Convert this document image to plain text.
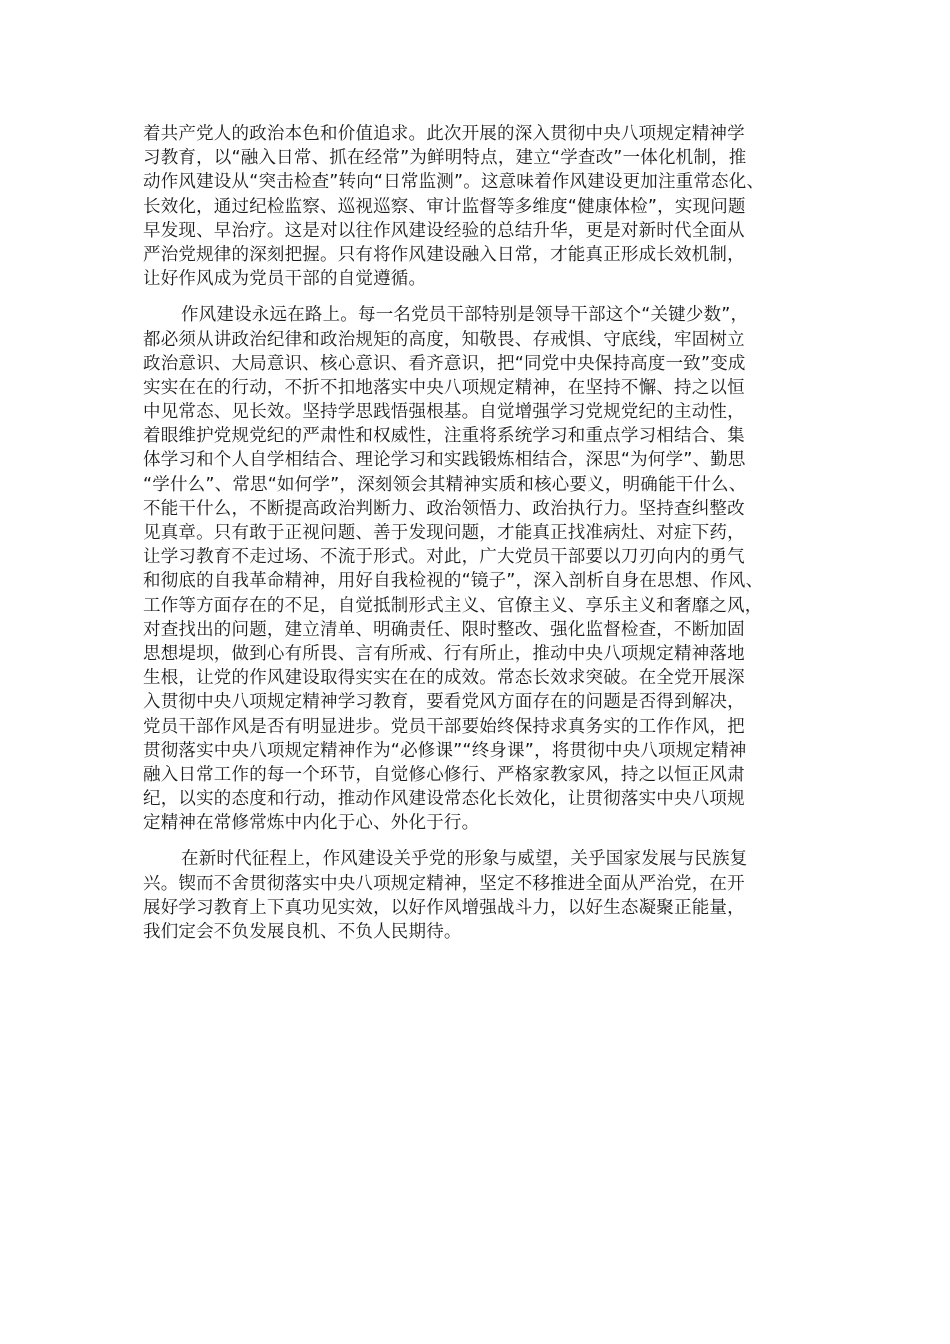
着共产党人的政治本色和价值追求。此次开展的深入贯彻中央八项规定精神学
习教育，以“融入日常、抓在经常”为鲜明特点，建立“学查改”一体化机制，推
动作风建设从“突击检查”转向“日常监测”。这意味着作风建设更加注重常态化、
长效化，通过纪检监察、巡视巡察、审计监督等多维度“健康体检”，实现问题
早发现、早治疗。这是对以往作风建设经验的总结升华，更是对新时代全面从
严治党规律的深刻把握。只有将作风建设融入日常，才能真正形成长效机制，
让好作风成为党员干部的自觉遵循。
作风建设永远在路上。每一名党员干部特别是领导干部这个“关键少数”，
都必须从讲政治纪律和政治规矩的高度，知敬畏、存戒惧、守底线，牢固树立
政治意识、大局意识、核心意识、看齐意识，把“同党中央保持高度一致”变成
实实在在的行动，不折不扣地落实中央八项规定精神，在坚持不懈、持之以恒
中见常态、见长效。坚持学思践悟强根基。自觉增强学习党规党纪的主动性，
着眼维护党规党纪的严肃性和权威性，注重将系统学习和重点学习相结合、集
体学习和个人自学相结合、理论学习和实践锻炼相结合，深思“为何学”、勤思
“学什么”、常思“如何学”，深刻领会其精神实质和核心要义，明确能干什么、
不能干什么，不断提高政治判断力、政治领悟力、政治执行力。坚持查纠整改
见真章。只有敢于正视问题、善于发现问题，才能真正找准病灶、对症下药，
让学习教育不走过场、不流于形式。对此，广大党员干部要以刀刃向内的勇气
和彻底的自我革命精神，用好自我检视的“镜子”，深入剖析自身在思想、作风、
工作等方面存在的不足，自觉抵制形式主义、官僚主义、享乐主义和奢靡之风，
对查找出的问题，建立清单、明确责任、限时整改、强化监督检查，不断加固
思想堤坝，做到心有所畏、言有所戒、行有所止，推动中央八项规定精神落地
生根，让党的作风建设取得实实在在的成效。常态长效求突破。在全党开展深
入贯彻中央八项规定精神学习教育，要看党风方面存在的问题是否得到解决，
党员干部作风是否有明显进步。党员干部要始终保持求真务实的工作作风，把
贯彻落实中央八项规定精神作为“必修课”“终身课”，将贯彻中央八项规定精神
融入日常工作的每一个环节，自觉修心修行、严格家教家风，持之以恒正风肃
纪，以实的态度和行动，推动作风建设常态化长效化，让贯彻落实中央八项规
定精神在常修常炼中内化于心、外化于行。
在新时代征程上，作风建设关乎党的形象与威望，关乎国家发展与民族复
兴。锲而不舍贯彻落实中央八项规定精神，坚定不移推进全面从严治党，在开
展好学习教育上下真功见实效，以好作风增强战斗力，以好生态凝聚正能量，
我们定会不负发展良机、不负人民期待。
